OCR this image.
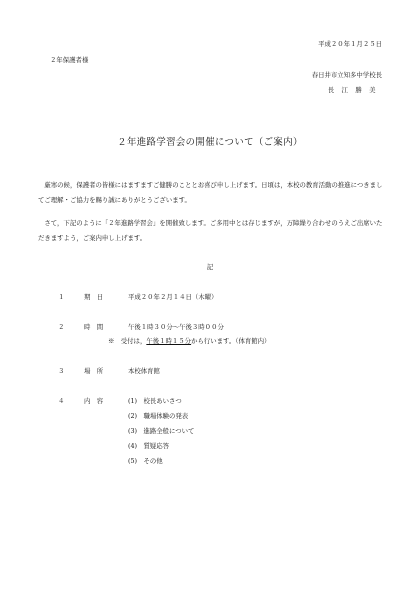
平成２０年１月２５日
２年保護者様
春日井市立知多中学校長
長　江　勝　美
２年進路学習会の開催について（ご案内）
厳寒の候，保護者の皆様にはますますご健勝のこととお喜び申し上げます。日頃は，本校の教育活動の推進につきましてご理解・ご協力を賜り誠にありがとうございます。
さて，下記のように「２年進路学習会」を開催致します。ご多用中とは存じますが，万障繰り合わせのうえご出席いただきますよう，ご案内申し上げます。
記
１	期　日	平成２０年２月１４日（木曜）
２	時　間	午後１時３０分〜午後３時００分
※　受付は，午後１時１５分から行います。（体育館内）
３	場　所	本校体育館
４	内　容	(1)　校長あいさつ
(2)　職場体験の発表
(3)　進路全般について
(4)　質疑応答
(5)　その他
